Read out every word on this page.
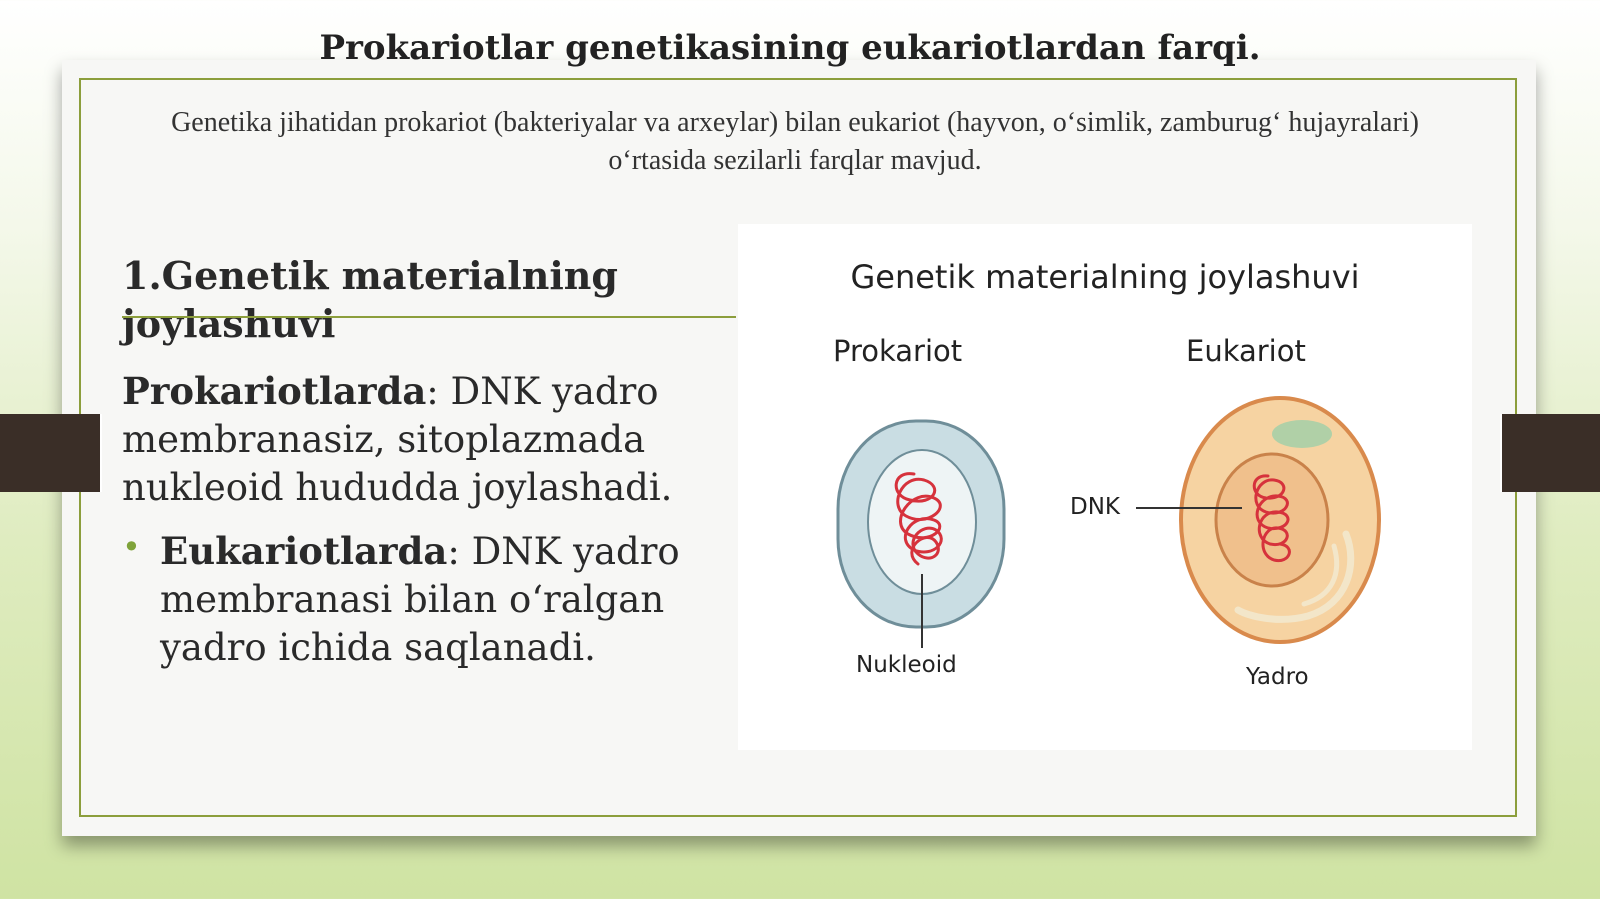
Prokariotlar genetikasining eukariotlardan farqi.
Genetika jihatidan prokariot (bakteriyalar va arxeylar) bilan eukariot (hayvon, o‘simlik, zamburug‘ hujayralari) o‘rtasida sezilarli farqlar mavjud.
1.Genetik materialning joylashuvi
Prokariotlarda: DNK yadro membranasiz, sitoplazmada nukleoid hududda joylashadi.
• Eukariotlarda: DNK yadro membranasi bilan o‘ralgan yadro ichida saqlanadi.
Genetik materialning joylashuvi
Prokariot	Eukariot
Nukleoid
DNK
Yadro
